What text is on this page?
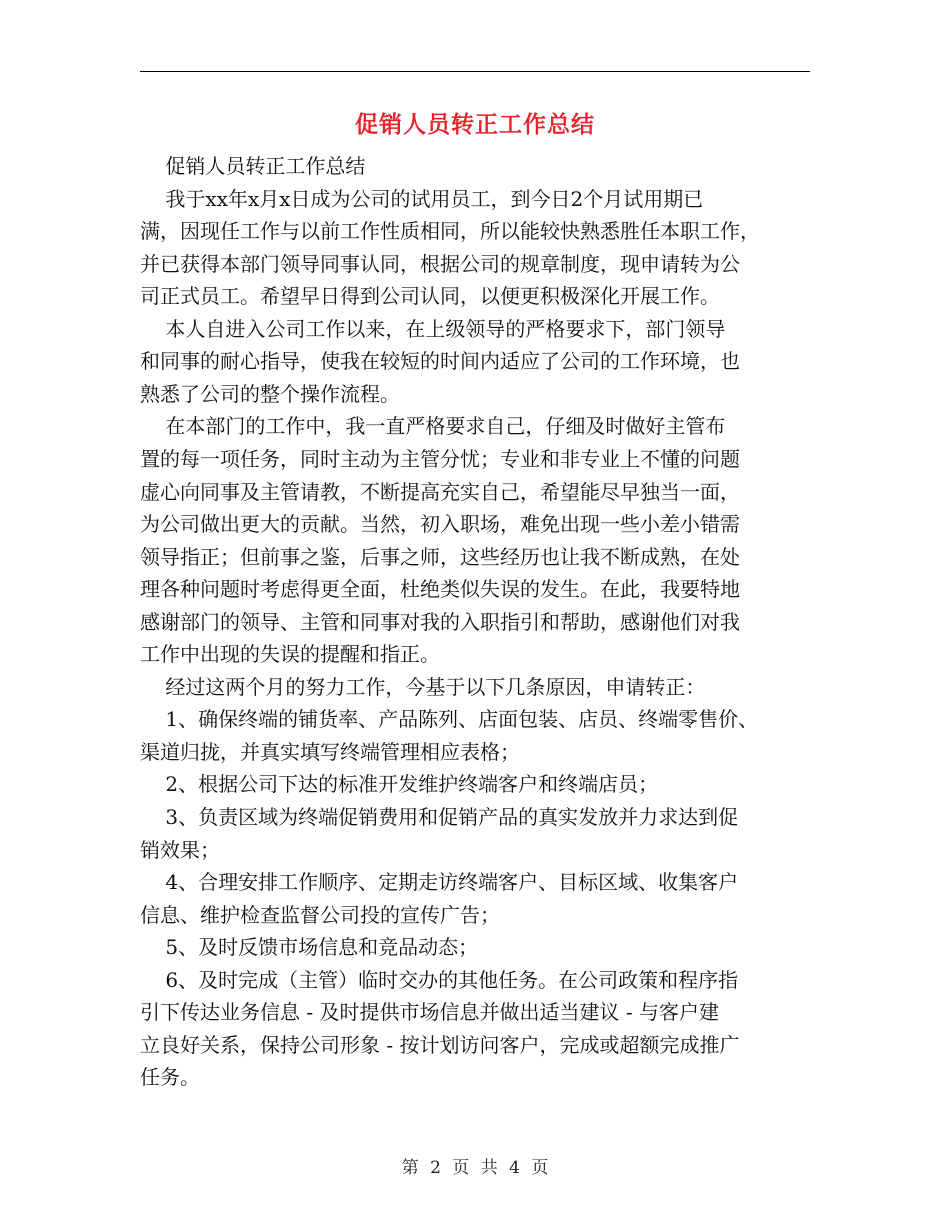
促销人员转正工作总结
促销人员转正工作总结
我于xx年x月x日成为公司的试用员工，到今日2个月试用期已
满，因现任工作与以前工作性质相同，所以能较快熟悉胜任本职工作，
并已获得本部门领导同事认同，根据公司的规章制度，现申请转为公
司正式员工。希望早日得到公司认同，以便更积极深化开展工作。
本人自进入公司工作以来，在上级领导的严格要求下，部门领导
和同事的耐心指导，使我在较短的时间内适应了公司的工作环境，也
熟悉了公司的整个操作流程。
在本部门的工作中，我一直严格要求自己，仔细及时做好主管布
置的每一项任务，同时主动为主管分忧；专业和非专业上不懂的问题
虚心向同事及主管请教，不断提高充实自己，希望能尽早独当一面，
为公司做出更大的贡献。当然，初入职场，难免出现一些小差小错需
领导指正；但前事之鉴，后事之师，这些经历也让我不断成熟，在处
理各种问题时考虑得更全面，杜绝类似失误的发生。在此，我要特地
感谢部门的领导、主管和同事对我的入职指引和帮助，感谢他们对我
工作中出现的失误的提醒和指正。
经过这两个月的努力工作，今基于以下几条原因，申请转正：
1、确保终端的铺货率、产品陈列、店面包装、店员、终端零售价、
渠道归拢，并真实填写终端管理相应表格；
2、根据公司下达的标准开发维护终端客户和终端店员；
3、负责区域为终端促销费用和促销产品的真实发放并力求达到促
销效果；
4、合理安排工作顺序、定期走访终端客户、目标区域、收集客户
信息、维护检查监督公司投的宣传广告；
5、及时反馈市场信息和竞品动态；
6、及时完成（主管）临时交办的其他任务。在公司政策和程序指
引下传达业务信息 - 及时提供市场信息并做出适当建议 - 与客户建
立良好关系，保持公司形象 - 按计划访问客户，完成或超额完成推广
任务。
第 2 页 共 4 页
